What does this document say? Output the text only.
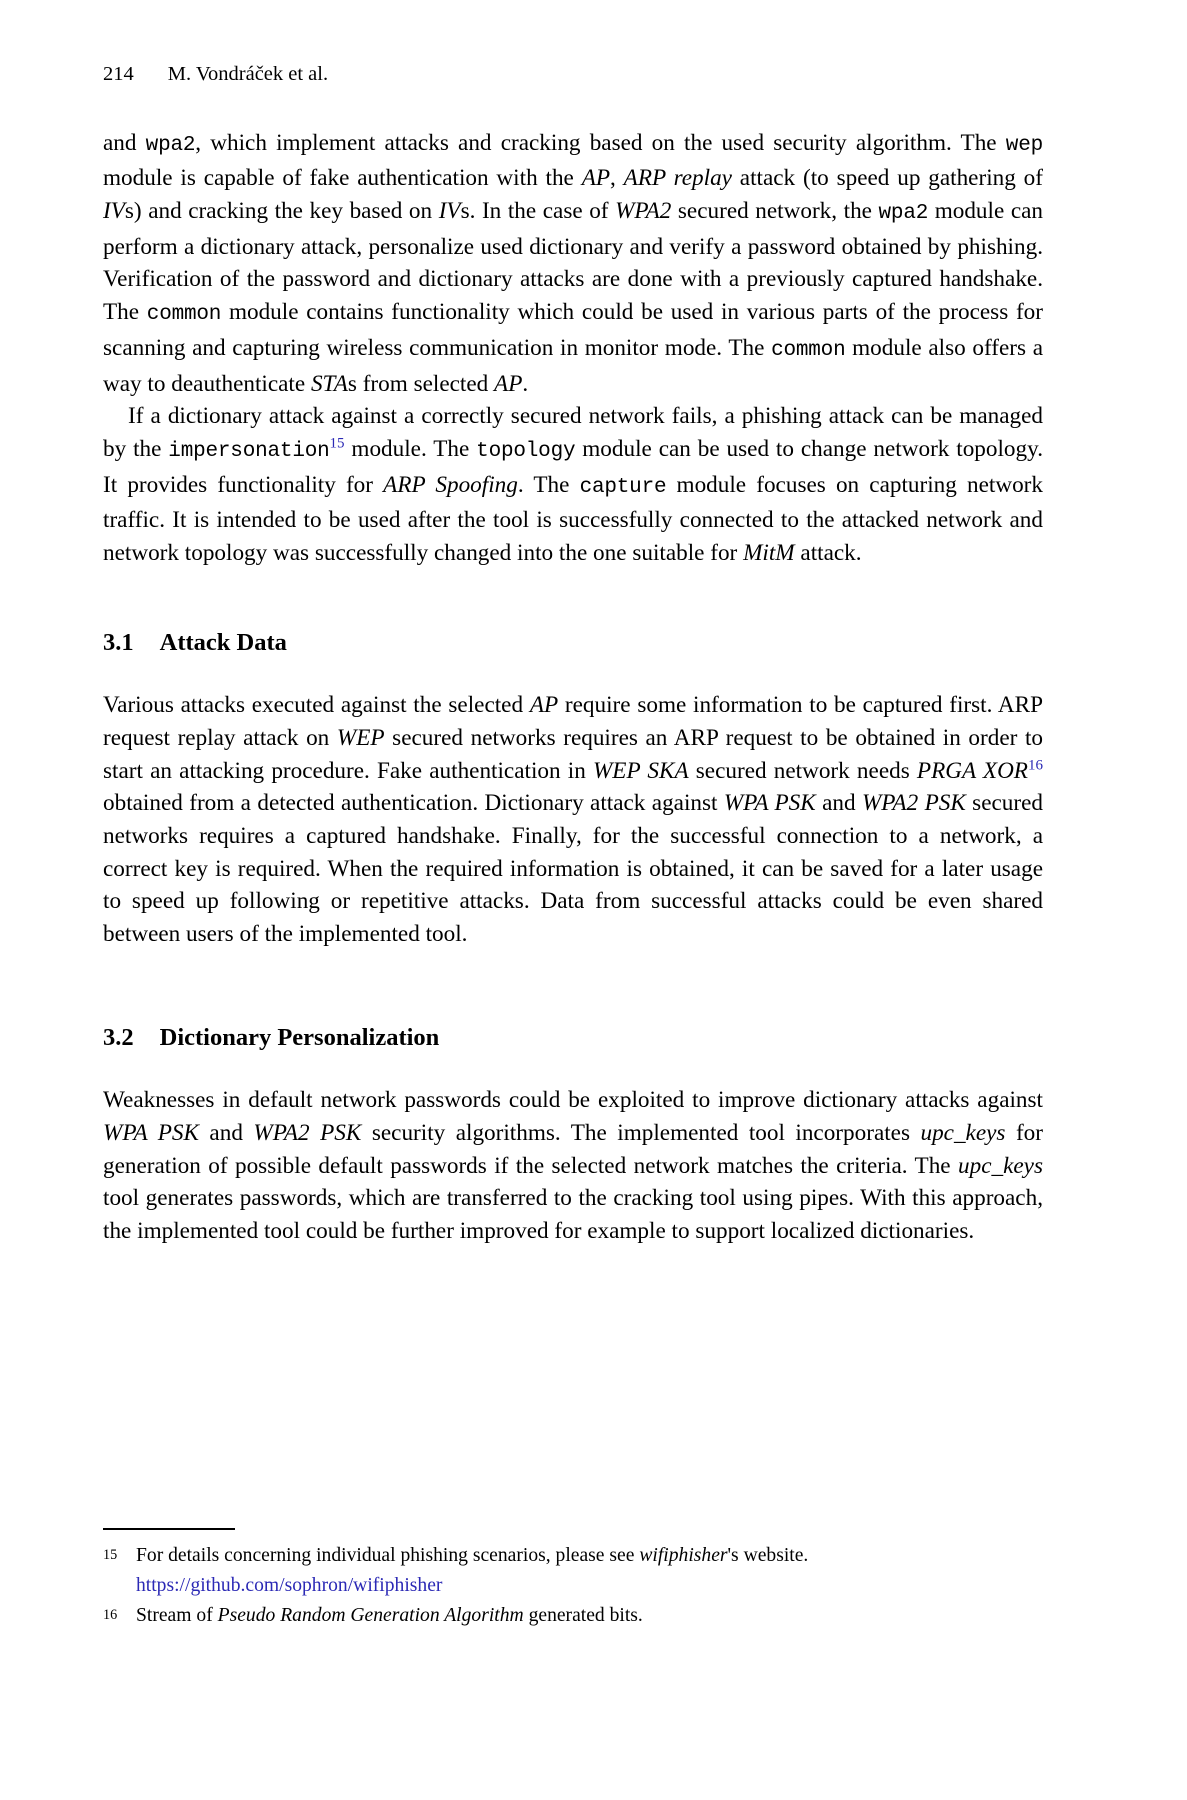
214 M. Vondráček et al.

and wpa2, which implement attacks and cracking based on the used security algorithm. The wep module is capable of fake authentication with the AP, ARP replay attack (to speed up gathering of IVs) and cracking the key based on IVs. In the case of WPA2 secured network, the wpa2 module can perform a dictionary attack, personalize used dictionary and verify a password obtained by phishing. Verification of the password and dictionary attacks are done with a previously captured handshake. The common module contains functionality which could be used in various parts of the process for scanning and capturing wireless communication in monitor mode. The common module also offers a way to deauthenticate STAs from selected AP.

If a dictionary attack against a correctly secured network fails, a phishing attack can be managed by the impersonation$^{15}$ module. The topology module can be used to change network topology. It provides functionality for ARP Spoofing. The capture module focuses on capturing network traffic. It is intended to be used after the tool is successfully connected to the attacked network and network topology was successfully changed into the one suitable for MitM attack.

3.1 Attack Data

Various attacks executed against the selected AP require some information to be captured first. ARP request replay attack on WEP secured networks requires an ARP request to be obtained in order to start an attacking procedure. Fake authentication in WEP SKA secured network needs PRGA XOR$^{16}$ obtained from a detected authentication. Dictionary attack against WPA PSK and WPA2 PSK secured networks requires a captured handshake. Finally, for the successful connection to a network, a correct key is required. When the required information is obtained, it can be saved for a later usage to speed up following or repetitive attacks. Data from successful attacks could be even shared between users of the implemented tool.

3.2 Dictionary Personalization

Weaknesses in default network passwords could be exploited to improve dictionary attacks against WPA PSK and WPA2 PSK security algorithms. The implemented tool incorporates upc_keys for generation of possible default passwords if the selected network matches the criteria. The upc_keys tool generates passwords, which are transferred to the cracking tool using pipes. With this approach, the implemented tool could be further improved for example to support localized dictionaries.

$^{15}$ For details concerning individual phishing scenarios, please see wifiphisher's website.
https://github.com/sophron/wifiphisher
$^{16}$ Stream of Pseudo Random Generation Algorithm generated bits.
